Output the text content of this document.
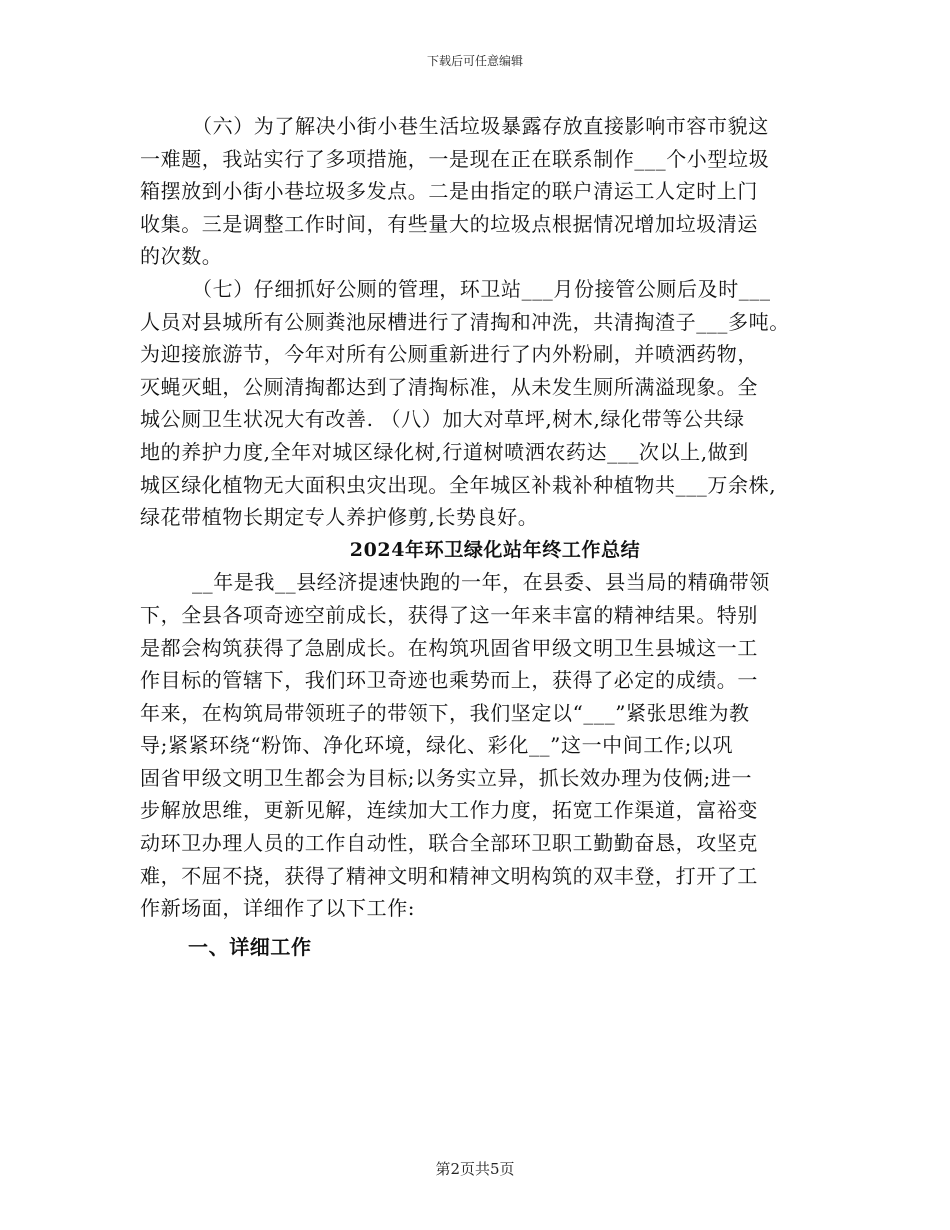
下载后可任意编辑
（六）为了解决小街小巷生活垃圾暴露存放直接影响市容市貌这
一难题，我站实行了多项措施，一是现在正在联系制作___个小型垃圾
箱摆放到小街小巷垃圾多发点。二是由指定的联户清运工人定时上门
收集。三是调整工作时间，有些量大的垃圾点根据情况增加垃圾清运
的次数。
（七）仔细抓好公厕的管理，环卫站___月份接管公厕后及时___
人员对县城所有公厕粪池尿槽进行了清掏和冲洗，共清掏渣子___多吨。
为迎接旅游节，今年对所有公厕重新进行了内外粉刷，并喷洒药物，
灭蝇灭蛆，公厕清掏都达到了清掏标准，从未发生厕所满溢现象。全
城公厕卫生状况大有改善. （八）加大对草坪,树木,绿化带等公共绿
地的养护力度,全年对城区绿化树,行道树喷洒农药达___次以上,做到
城区绿化植物无大面积虫灾出现。全年城区补栽补种植物共___万余株,
绿花带植物长期定专人养护修剪,长势良好。
2024年环卫绿化站年终工作总结
__年是我__县经济提速快跑的一年，在县委、县当局的精确带领
下，全县各项奇迹空前成长，获得了这一年来丰富的精神结果。特别
是都会构筑获得了急剧成长。在构筑巩固省甲级文明卫生县城这一工
作目标的管辖下，我们环卫奇迹也乘势而上，获得了必定的成绩。一
年来，在构筑局带领班子的带领下，我们坚定以“___”紧张思维为教
导;紧紧环绕“粉饰、净化环境，绿化、彩化__”这一中间工作;以巩
固省甲级文明卫生都会为目标;以务实立异，抓长效办理为伎俩;进一
步解放思维，更新见解，连续加大工作力度，拓宽工作渠道，富裕变
动环卫办理人员的工作自动性，联合全部环卫职工勤勤奋恳，攻坚克
难，不屈不挠，获得了精神文明和精神文明构筑的双丰登，打开了工
作新场面，详细作了以下工作:
一、详细工作
第2页共5页
